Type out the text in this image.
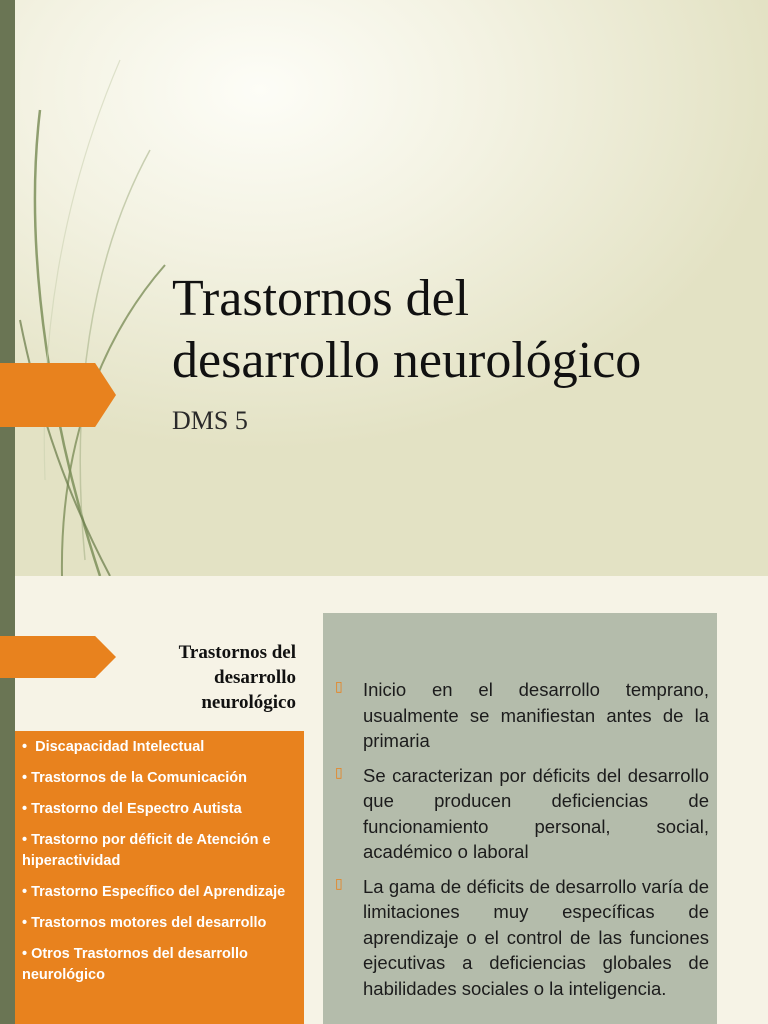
Trastornos del
desarrollo neurológico
DMS 5
Trastornos del
desarrollo
neurológico
• Discapacidad Intelectual
• Trastornos de la Comunicación
• Trastorno del Espectro Autista
• Trastorno por déficit de Atención e hiperactividad
• Trastorno Específico del Aprendizaje
• Trastornos motores del desarrollo
• Otros Trastornos del desarrollo neurológico
▯ Inicio en el desarrollo temprano, usualmente se manifiestan antes de la primaria
▯ Se caracterizan por déficits del desarrollo que producen deficiencias de funcionamiento personal, social, académico o laboral
▯ La gama de déficits de desarrollo varía de limitaciones muy específicas de aprendizaje o el control de las funciones ejecutivas a deficiencias globales de habilidades sociales o la inteligencia.
